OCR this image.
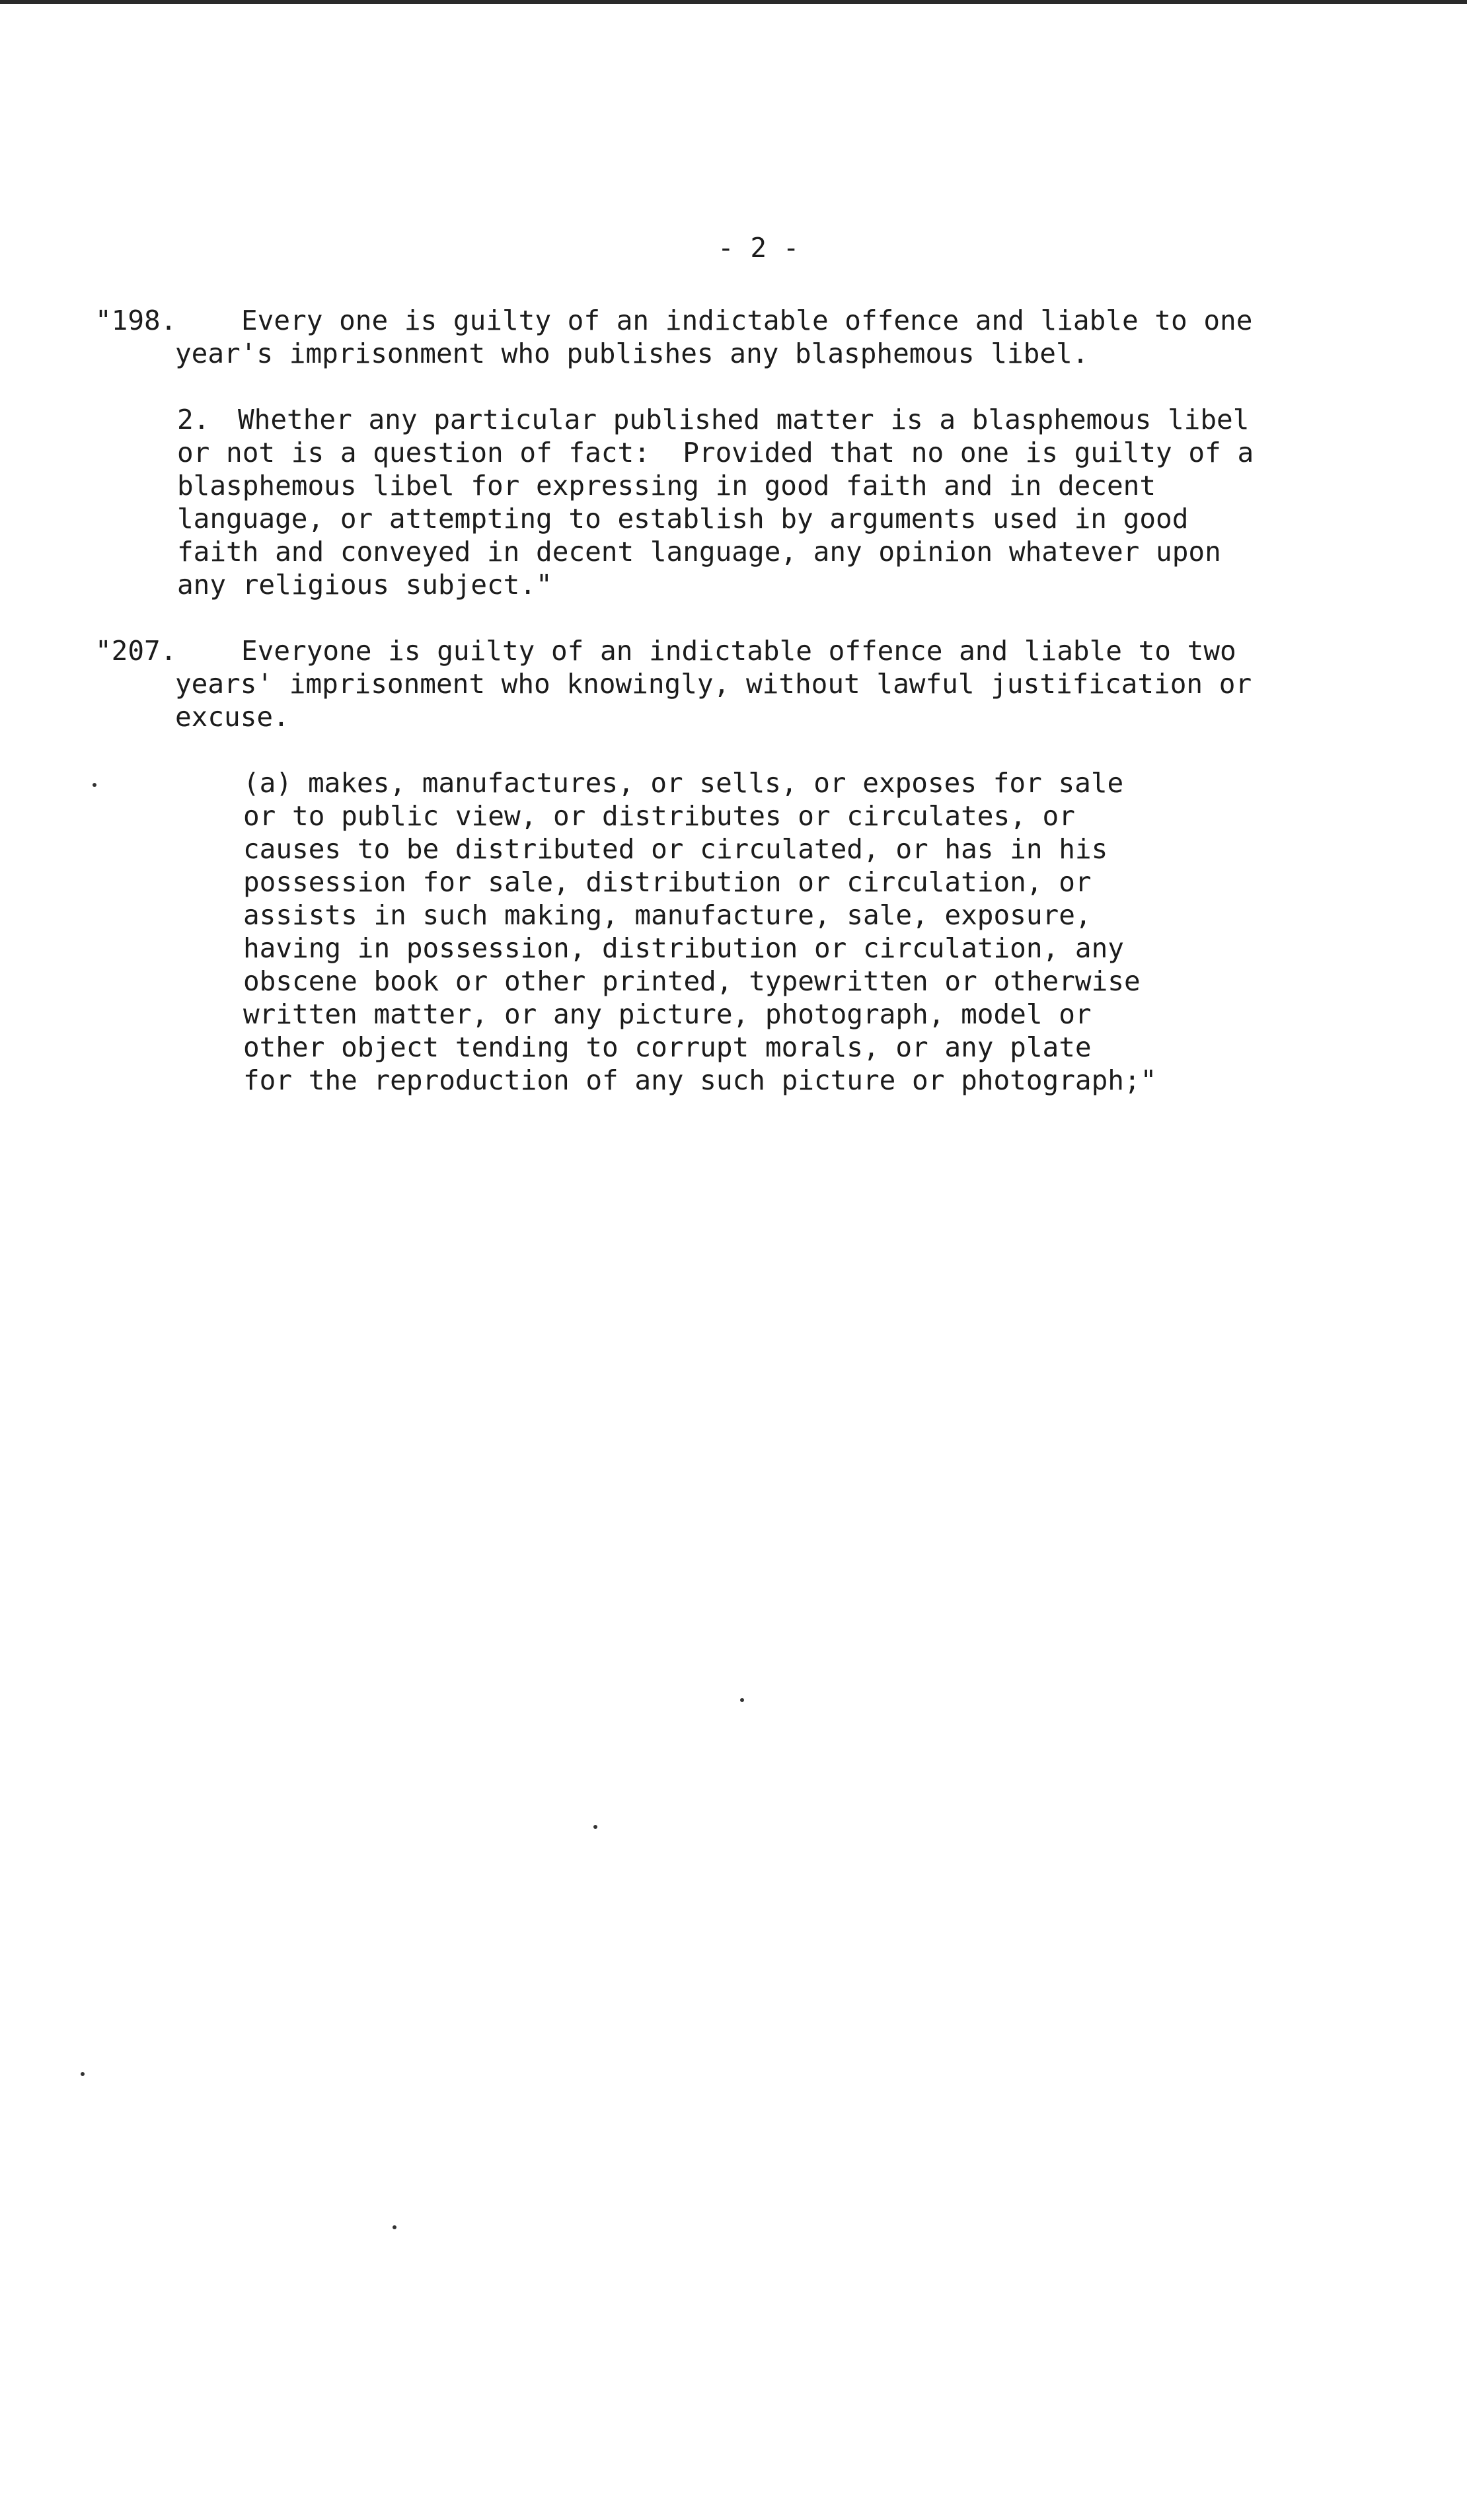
- 2 -
"198. Every one is guilty of an indictable offence and liable to one
year's imprisonment who publishes any blasphemous libel.
2. Whether any particular published matter is a blasphemous libel
or not is a question of fact:  Provided that no one is guilty of a
blasphemous libel for expressing in good faith and in decent
language, or attempting to establish by arguments used in good
faith and conveyed in decent language, any opinion whatever upon
any religious subject."
"207. Everyone is guilty of an indictable offence and liable to two
years' imprisonment who knowingly, without lawful justification or
excuse.
(a) makes, manufactures, or sells, or exposes for sale
or to public view, or distributes or circulates, or
causes to be distributed or circulated, or has in his
possession for sale, distribution or circulation, or
assists in such making, manufacture, sale, exposure,
having in possession, distribution or circulation, any
obscene book or other printed, typewritten or otherwise
written matter, or any picture, photograph, model or
other object tending to corrupt morals, or any plate
for the reproduction of any such picture or photograph;"
